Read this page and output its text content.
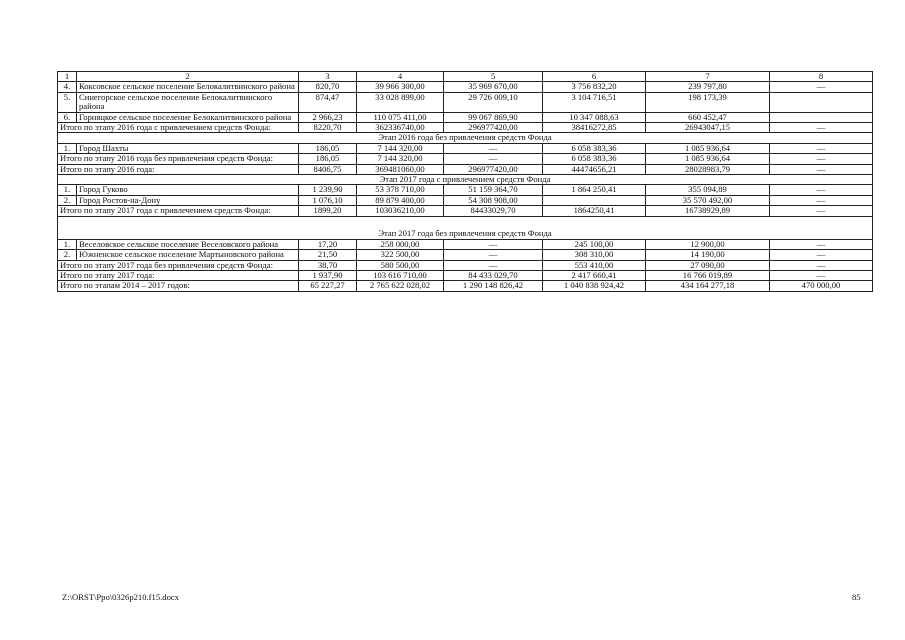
1	2	3	4	5	6	7	8
4.	Коксовское сельское поселение Белокалитвинского района	820,70	39 966 300,00	35 969 670,00	3 756 832,20	239 797,80	—
5.	Синегорское сельское поселение Белокалитвинского района	874,47	33 028 899,00	29 726 009,10	3 104 716,51	198 173,39	
6.	Горняцкое сельское поселение Белокалитвинского района	2 966,23	110 075 411,00	99 067 869,90	10 347 088,63	660 452,47	
Итого по этапу 2016 года с привлечением средств Фонда:		8220,70	362336740,00	296977420,00	38416272,85	26943047,15	—
Этап 2016 года без привлечения средств Фонда							
1.	Город Шахты	186,05	7 144 320,00	—	6 058 383,36	1 085 936,64	—
Итого по этапу 2016 года без привлечения средств Фонда:		186,05	7 144 320,00	—	6 058 383,36	1 085 936,64	—
Итого по этапу 2016 года:		8406,75	369481060,00	296977420,00	44474656,21	28028983,79	—
Этап 2017 года с привлечением средств Фонда							
1.	Город Гуково	1 239,90	53 378 710,00	51 159 364,70	1 864 250,41	355 094,89	—
2.	Город Ростов-на-Дону	1 076,10	89 879 400,00	54 308 908,00		35 570 492,00	—
Итого по этапу 2017 года с привлечением средств Фонда:		1899,20	103036210,00	84433029,70	1864250,41	16738929,89	—
Этап 2017 года без привлечения средств Фонда							
1.	Веселовское сельское поселение Веселовского района	17,20	258 000,00	—	245 100,00	12 900,00	—
2.	Южненское сельское поселение Мартыновского района	21,50	322 500,00	—	308 310,00	14 190,00	—
Итого по этапу 2017 года без привлечения средств Фонда:		38,70	580 500,00	—	553 410,00	27 090,00	—
Итого по этапу 2017 года:		1 937,90	103 616 710,00	84 433 029,70	2 417 660,41	16 766 019,89	—
Итого по этапам 2014 – 2017 годов:		65 227,27	2 765 622 028,02	1 290 148 826,42	1 040 838 924,42	434 164 277,18	470 000,00
Z:\ORST\Ppo\0326p210.f15.docx	85
